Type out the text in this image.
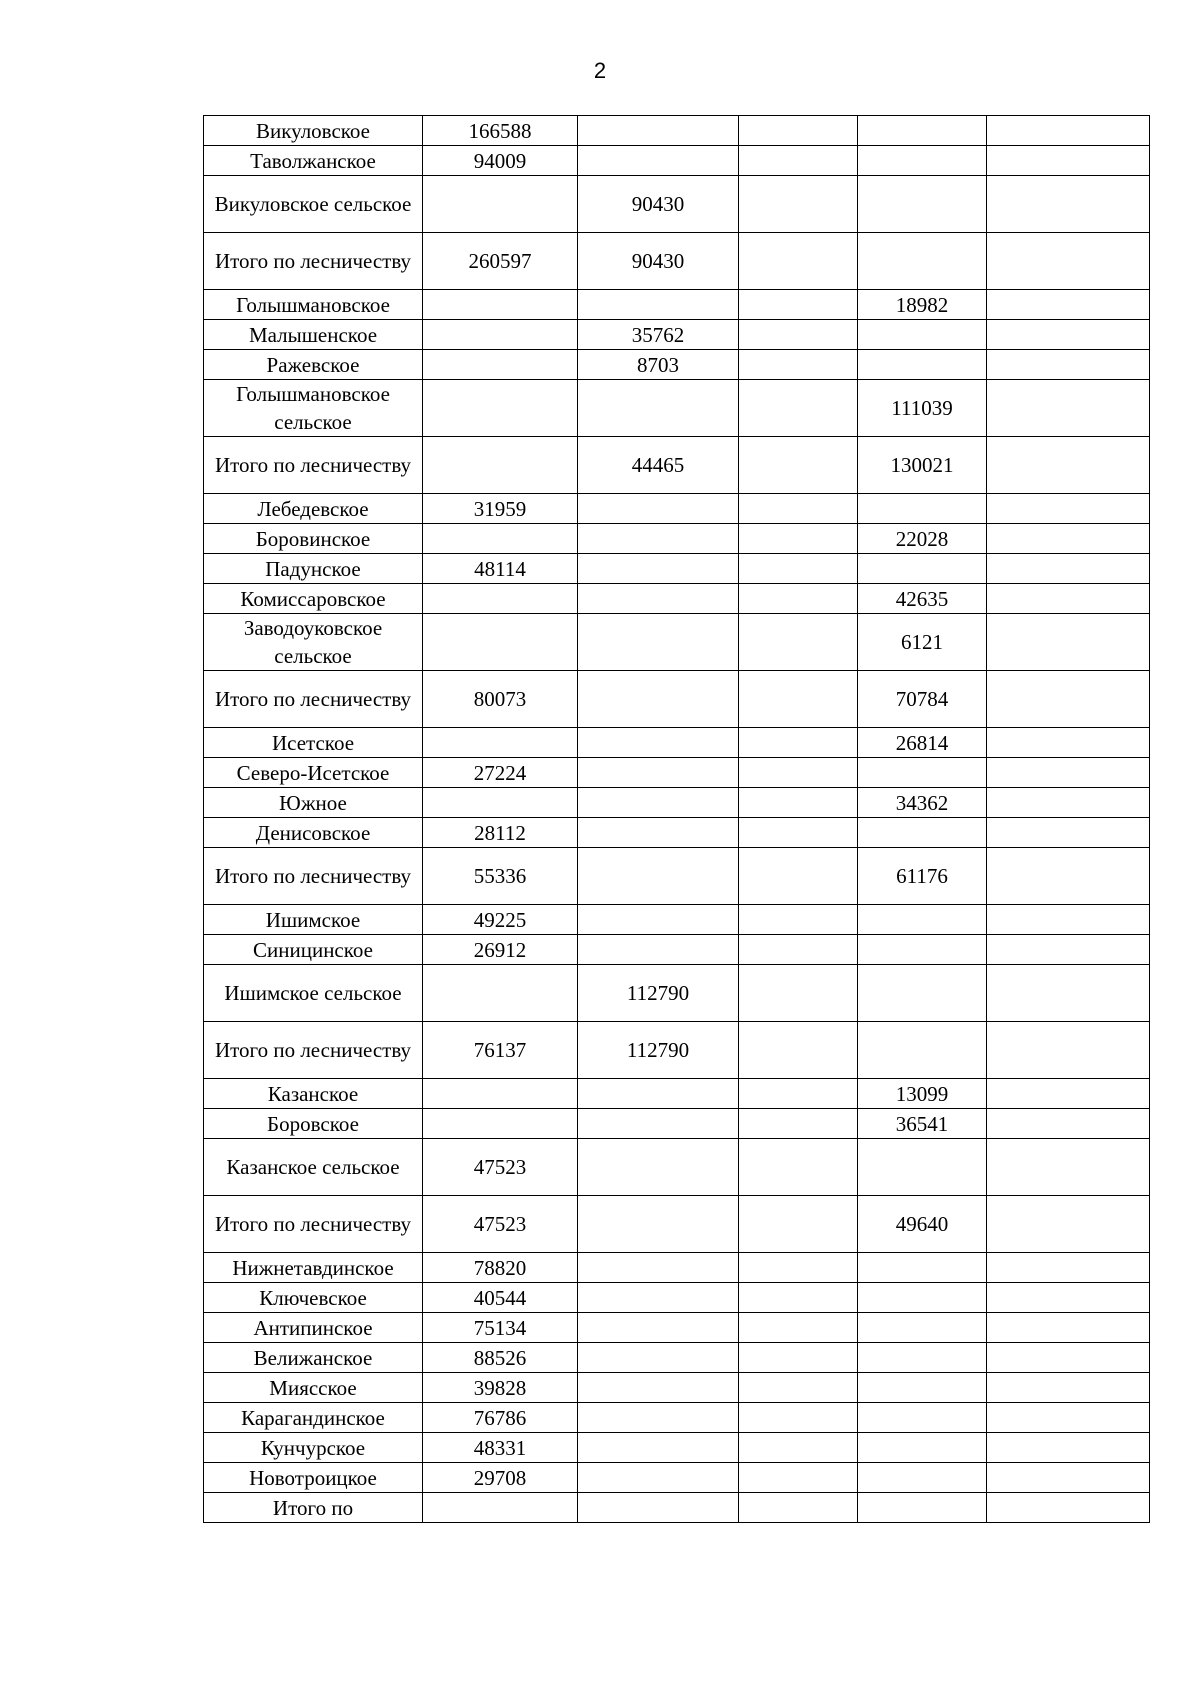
2
Викуловское	166588				
Таволжанское	94009				
Викуловское сельское		90430			
Итого по лесничеству	260597	90430			
Голышмановское				18982	
Малышенское		35762			
Ражевское		8703			
Голышмановское сельское				111039	
Итого по лесничеству		44465		130021	
Лебедевское	31959				
Боровинское				22028	
Падунское	48114				
Комиссаровское				42635	
Заводоуковское сельское				6121	
Итого по лесничеству	80073			70784	
Исетское				26814	
Северо-Исетское	27224				
Южное				34362	
Денисовское	28112				
Итого по лесничеству	55336			61176	
Ишимское	49225				
Синицинское	26912				
Ишимское сельское		112790			
Итого по лесничеству	76137	112790			
Казанское				13099	
Боровское				36541	
Казанское сельское	47523				
Итого по лесничеству	47523			49640	
Нижнетавдинское	78820				
Ключевское	40544				
Антипинское	75134				
Велижанское	88526				
Миясское	39828				
Карагандинское	76786				
Кунчурское	48331				
Новотроицкое	29708				
Итого по					
